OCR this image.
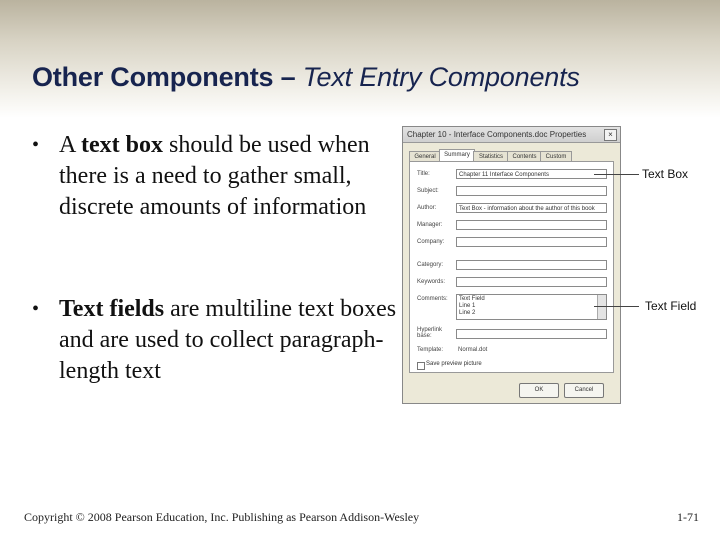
Other Components – Text Entry Components
• A text box should be used when there is a need to gather small, discrete amounts of information
• Text fields are multiline text boxes and are used to collect paragraph-length text
Chapter 10 - Interface Components.doc Properties	×
General	Summary	Statistics	Contents	Custom
Title:	Chapter 11 Interface Components
Subject:
Author:	Text Box - information about the author of this book
Manager:
Company:
Category:
Keywords:
Comments: Text Field
Line 1
Line 2
Hyperlink
base:
Template: Normal.dot
Save preview picture
OK	Cancel
Text Box
Text Field
Copyright © 2008 Pearson Education, Inc. Publishing as Pearson Addison-Wesley	1-71
